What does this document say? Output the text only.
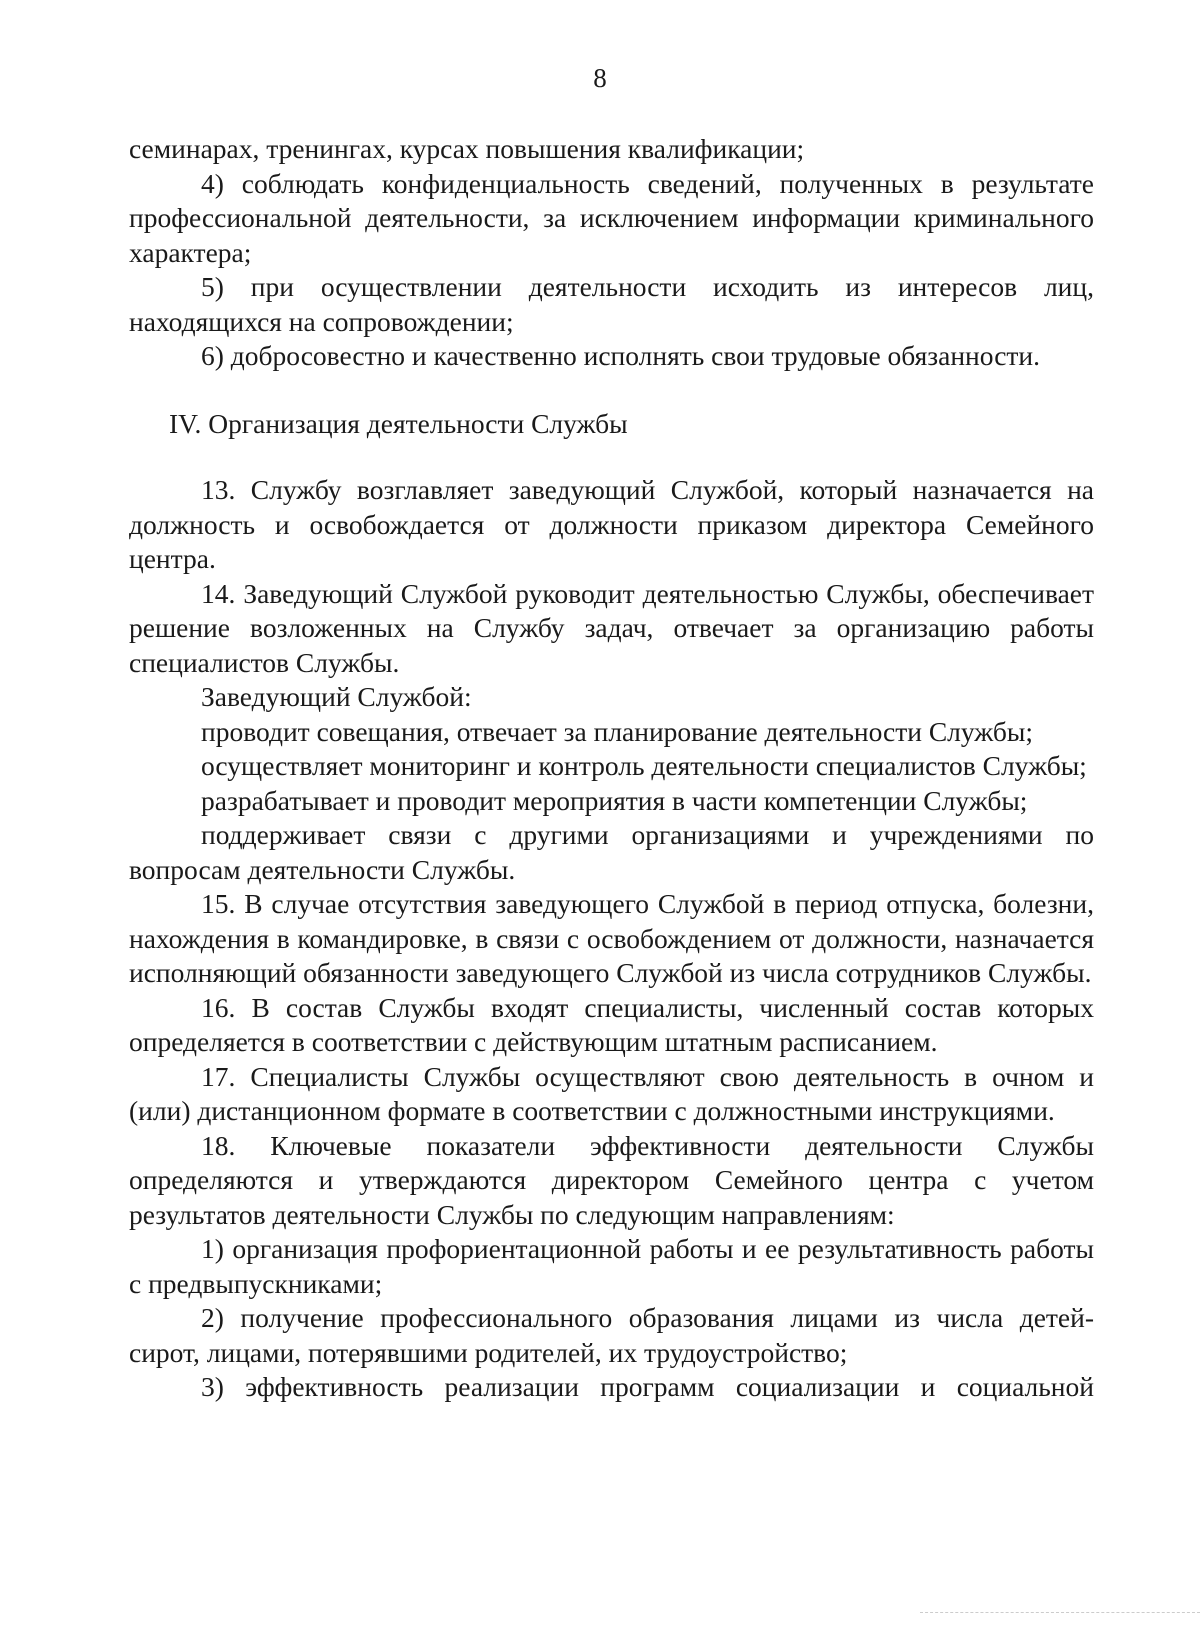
8

семинарах, тренингах, курсах повышения квалификации;

4) соблюдать конфиденциальность сведений, полученных в результате профессиональной деятельности, за исключением информации криминального характера;

5) при осуществлении деятельности исходить из интересов лиц, находящихся на сопровождении;

6) добросовестно и качественно исполнять свои трудовые обязанности.

IV. Организация деятельности Службы

13. Службу возглавляет заведующий Службой, который назначается на должность и освобождается от должности приказом директора Семейного центра.

14. Заведующий Службой руководит деятельностью Службы, обеспечивает решение возложенных на Службу задач, отвечает за организацию работы специалистов Службы.

Заведующий Службой:

проводит совещания, отвечает за планирование деятельности Службы;

осуществляет мониторинг и контроль деятельности специалистов Службы;

разрабатывает и проводит мероприятия в части компетенции Службы;

поддерживает связи с другими организациями и учреждениями по вопросам деятельности Службы.

15. В случае отсутствия заведующего Службой в период отпуска, болезни, нахождения в командировке, в связи с освобождением от должности, назначается исполняющий обязанности заведующего Службой из числа сотрудников Службы.

16. В состав Службы входят специалисты, численный состав которых определяется в соответствии с действующим штатным расписанием.

17. Специалисты Службы осуществляют свою деятельность в очном и (или) дистанционном формате в соответствии с должностными инструкциями.

18. Ключевые показатели эффективности деятельности Службы определяются и утверждаются директором Семейного центра с учетом результатов деятельности Службы по следующим направлениям:

1) организация профориентационной работы и ее результативность работы с предвыпускниками;

2) получение профессионального образования лицами из числа детей-сирот, лицами, потерявшими родителей, их трудоустройство;

3) эффективность реализации программ социализации и социальной
